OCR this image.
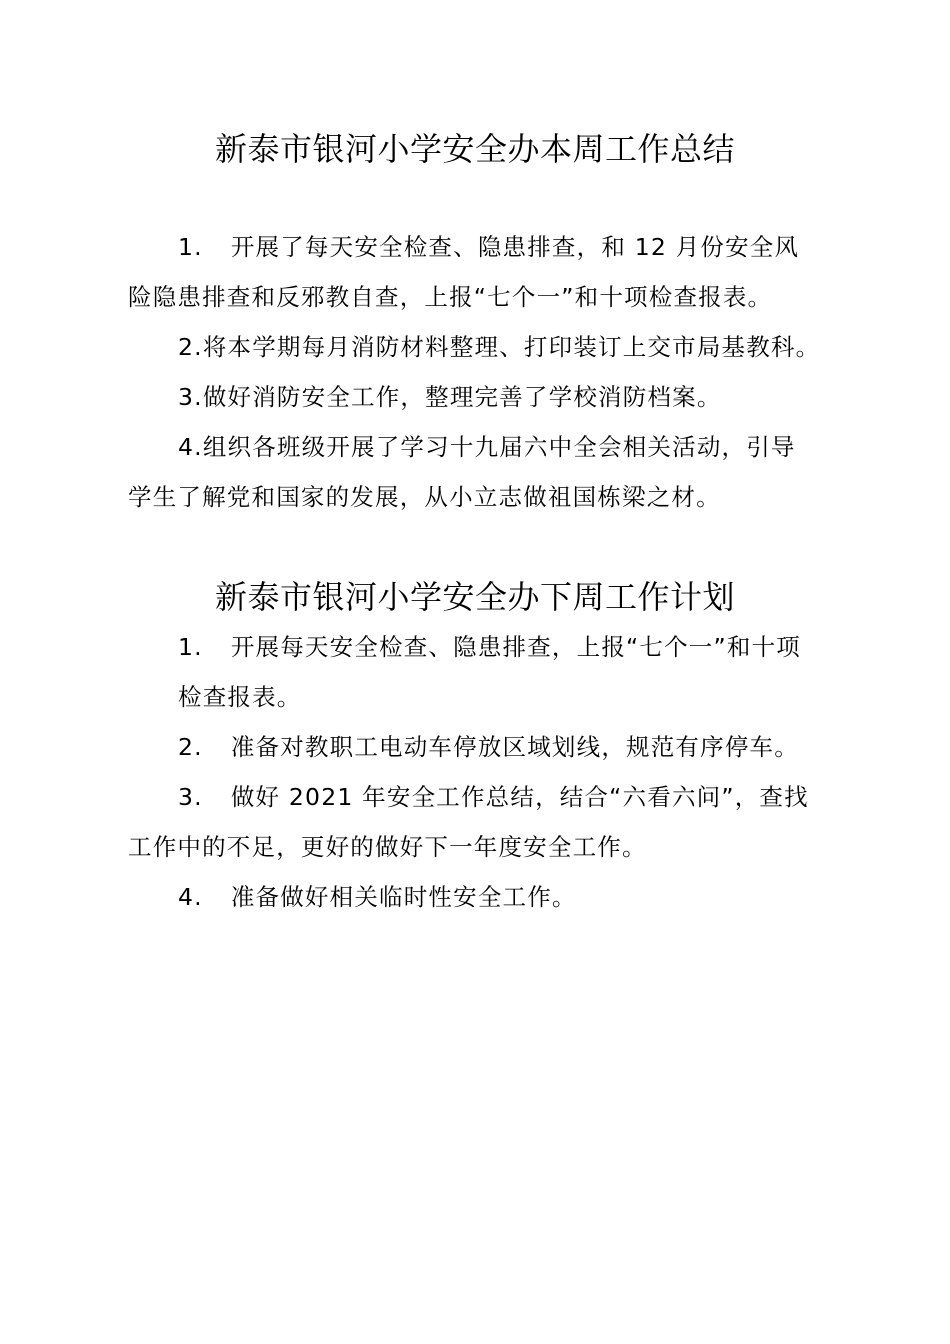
新泰市银河小学安全办本周工作总结
1. 开展了每天安全检查、隐患排查，和 12 月份安全风
险隐患排查和反邪教自查，上报“七个一”和十项检查报表。
2.将本学期每月消防材料整理、打印装订上交市局基教科。
3.做好消防安全工作，整理完善了学校消防档案。
4.组织各班级开展了学习十九届六中全会相关活动，引导
学生了解党和国家的发展，从小立志做祖国栋梁之材。
新泰市银河小学安全办下周工作计划
1. 开展每天安全检查、隐患排查，上报“七个一”和十项
检查报表。
2. 准备对教职工电动车停放区域划线，规范有序停车。
3. 做好 2021 年安全工作总结，结合“六看六问”，查找
工作中的不足，更好的做好下一年度安全工作。
4. 准备做好相关临时性安全工作。
